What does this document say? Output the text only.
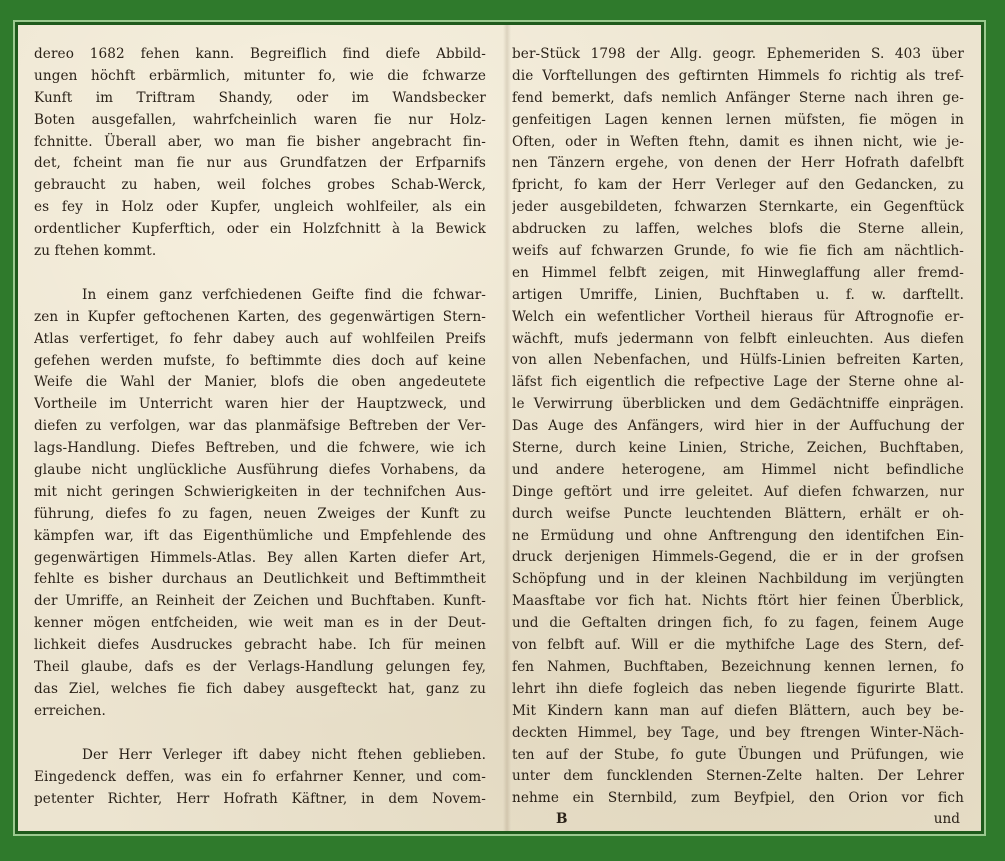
dereo 1682 fehen kann. Begreiflich find diefe Abbild-
ungen höchft erbärmlich, mitunter fo, wie die fchwarze
Kunft im Triftram Shandy, oder im Wandsbecker
Boten ausgefallen, wahrfcheinlich waren fie nur Holz-
fchnitte. Überall aber, wo man fie bisher angebracht fin-
det, fcheint man fie nur aus Grundfatzen der Erfparnifs
gebraucht zu haben, weil folches grobes Schab-Werck,
es fey in Holz oder Kupfer, ungleich wohlfeiler, als ein
ordentlicher Kupferftich, oder ein Holzfchnitt à la Bewick
zu ftehen kommt.
In einem ganz verfchiedenen Geifte find die fchwar-
zen in Kupfer geftochenen Karten, des gegenwärtigen Stern-
Atlas verfertiget, fo fehr dabey auch auf wohlfeilen Preifs
gefehen werden mufste, fo beftimmte dies doch auf keine
Weife die Wahl der Manier, blofs die oben angedeutete
Vortheile im Unterricht waren hier der Hauptzweck, und
diefen zu verfolgen, war das planmäfsige Beftreben der Ver-
lags-Handlung. Diefes Beftreben, und die fchwere, wie ich
glaube nicht unglückliche Ausführung diefes Vorhabens, da
mit nicht geringen Schwierigkeiten in der technifchen Aus-
führung, diefes fo zu fagen, neuen Zweiges der Kunft zu
kämpfen war, ift das Eigenthümliche und Empfehlende des
gegenwärtigen Himmels-Atlas. Bey allen Karten diefer Art,
fehlte es bisher durchaus an Deutlichkeit und Beftimmtheit
der Umriffe, an Reinheit der Zeichen und Buchftaben. Kunft-
kenner mögen entfcheiden, wie weit man es in der Deut-
lichkeit diefes Ausdruckes gebracht habe. Ich für meinen
Theil glaube, dafs es der Verlags-Handlung gelungen fey,
das Ziel, welches fie fich dabey ausgefteckt hat, ganz zu
erreichen.
Der Herr Verleger ift dabey nicht ftehen geblieben.
Eingedenck deffen, was ein fo erfahrner Kenner, und com-
petenter Richter, Herr Hofrath Käftner, in dem Novem-
ber-Stück 1798 der Allg. geogr. Ephemeriden S. 403 über
die Vorftellungen des geftirnten Himmels fo richtig als tref-
fend bemerkt, dafs nemlich Anfänger Sterne nach ihren ge-
genfeitigen Lagen kennen lernen müfsten, fie mögen in
Often, oder in Weften ftehn, damit es ihnen nicht, wie je-
nen Tänzern ergehe, von denen der Herr Hofrath dafelbft
fpricht, fo kam der Herr Verleger auf den Gedancken, zu
jeder ausgebildeten, fchwarzen Sternkarte, ein Gegenftück
abdrucken zu laffen, welches blofs die Sterne allein,
weifs auf fchwarzen Grunde, fo wie fie fich am nächtlich-
en Himmel felbft zeigen, mit Hinweglaffung aller fremd-
artigen Umriffe, Linien, Buchftaben u. f. w. darftellt.
Welch ein wefentlicher Vortheil hieraus für Aftrognofie er-
wächft, mufs jedermann von felbft einleuchten. Aus diefen
von allen Nebenfachen, und Hülfs-Linien befreiten Karten,
läfst fich eigentlich die refpective Lage der Sterne ohne al-
le Verwirrung überblicken und dem Gedächtniffe einprägen.
Das Auge des Anfängers, wird hier in der Auffuchung der
Sterne, durch keine Linien, Striche, Zeichen, Buchftaben,
und andere heterogene, am Himmel nicht befindliche
Dinge geftört und irre geleitet. Auf diefen fchwarzen, nur
durch weifse Puncte leuchtenden Blättern, erhält er oh-
ne Ermüdung und ohne Anftrengung den identifchen Ein-
druck derjenigen Himmels-Gegend, die er in der grofsen
Schöpfung und in der kleinen Nachbildung im verjüngten
Maasftabe vor fich hat. Nichts ftört hier feinen Überblick,
und die Geftalten dringen fich, fo zu fagen, feinem Auge
von felbft auf. Will er die mythifche Lage des Stern, def-
fen Nahmen, Buchftaben, Bezeichnung kennen lernen, fo
lehrt ihn diefe fogleich das neben liegende figurirte Blatt.
Mit Kindern kann man auf diefen Blättern, auch bey be-
deckten Himmel, bey Tage, und bey ftrengen Winter-Näch-
ten auf der Stube, fo gute Übungen und Prüfungen, wie
unter dem funcklenden Sternen-Zelte halten. Der Lehrer
nehme ein Sternbild, zum Beyfpiel, den Orion vor fich
B	und
